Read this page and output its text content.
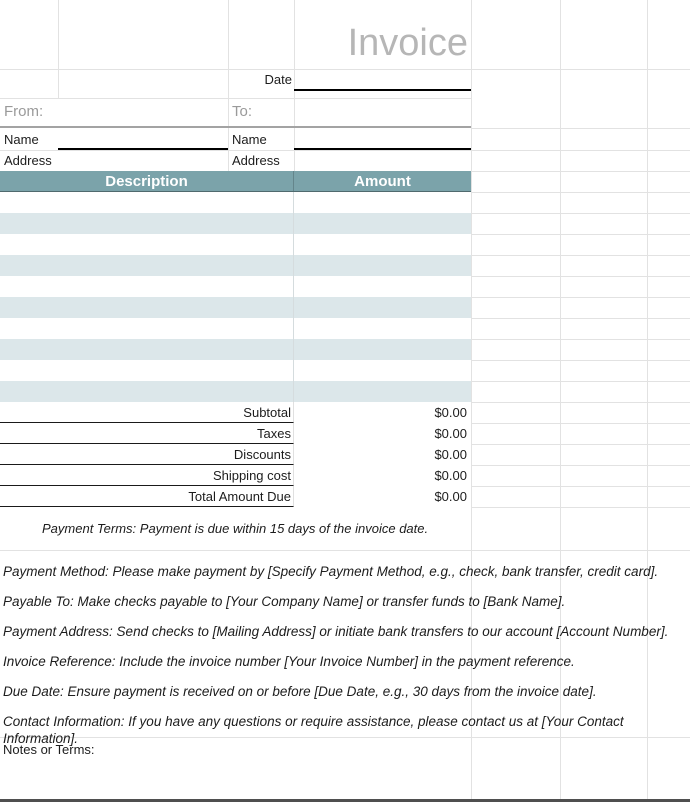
Invoice
Date
From:	To:
Name	Name
Address	Address
Description	Amount
Subtotal	$0.00
Taxes	$0.00
Discounts	$0.00
Shipping cost	$0.00
Total Amount Due	$0.00
Payment Terms: Payment is due within 15 days of the invoice date.
Payment Method: Please make payment by [Specify Payment Method, e.g., check, bank transfer, credit card].
Payable To: Make checks payable to [Your Company Name] or transfer funds to [Bank Name].
Payment Address: Send checks to [Mailing Address] or initiate bank transfers to our account [Account Number].
Invoice Reference: Include the invoice number [Your Invoice Number] in the payment reference.
Due Date: Ensure payment is received on or before [Due Date, e.g., 30 days from the invoice date].
Contact Information: If you have any questions or require assistance, please contact us at [Your Contact Information].
Notes or Terms:
